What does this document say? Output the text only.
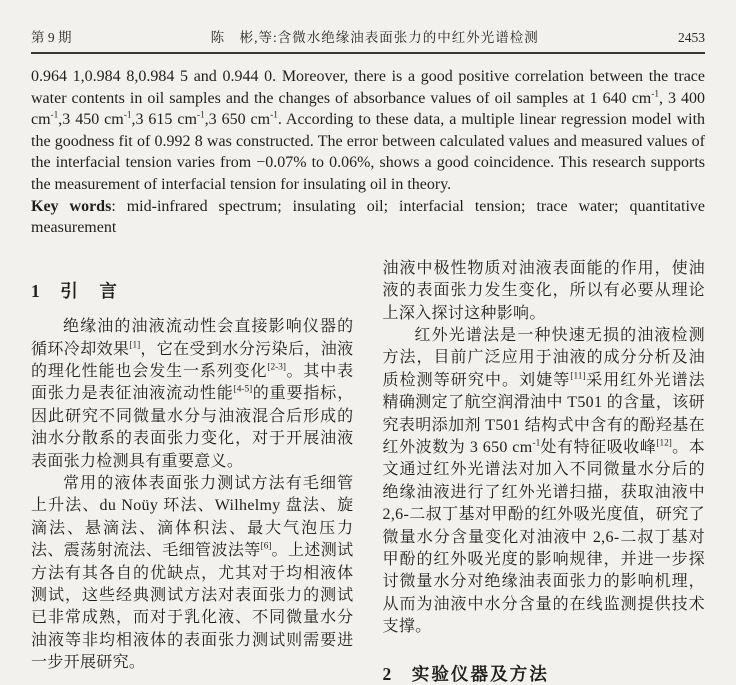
第 9 期	陈　彬,等:含微水绝缘油表面张力的中红外光谱检测	2453

0.964 1,0.984 8,0.984 5 and 0.944 0. Moreover, there is a good positive correlation between the trace water contents in oil samples and the changes of absorbance values of oil samples at 1 640 $cm^{-1}$, 3 400 $cm^{-1},3$ 450 $cm^{-1},3$ 615 $cm^{-1},3$ 650 $cm^{-1}$. According to these data, a multiple linear regression model with the goodness fit of 0.992 8 was constructed. The error between calculated values and measured values of the interfacial tension varies from −0.07% to 0.06%, shows a good coincidence. This research supports the measurement of interfacial tension for insulating oil in theory.

Key words: mid-infrared spectrum; insulating oil; interfacial tension; trace water; quantitative measurement

1 引　言

绝缘油的油液流动性会直接影响仪器的循环冷却效果[1]，它在受到水分污染后，油液的理化性能也会发生一系列变化[2-3]。其中表面张力是表征油液流动性能[4-5]的重要指标，因此研究不同微量水分与油液混合后形成的油水分散系的表面张力变化，对于开展油液表面张力检测具有重要意义。

常用的液体表面张力测试方法有毛细管上升法、du Noüy 环法、Wilhelmy 盘法、旋滴法、悬滴法、滴体积法、最大气泡压力法、震荡射流法、毛细管波法等[6]。上述测试方法有其各自的优缺点，尤其对于均相液体测试，这些经典测试方法对表面张力的测试已非常成熟，而对于乳化液、不同微量水分油液等非均相液体的表面张力测试则需要进一步开展研究。

油液中极性物质对油液表面能的作用，使油液的表面张力发生变化，所以有必要从理论上深入探讨这种影响。

红外光谱法是一种快速无损的油液检测方法，目前广泛应用于油液的成分分析及油质检测等研究中。刘婕等[11]采用红外光谱法精确测定了航空润滑油中 T501 的含量，该研究表明添加剂 T501 结构式中含有的酚羟基在红外波数为 3 650 $cm^{-1}$处有特征吸收峰[12]。本文通过红外光谱法对加入不同微量水分后的绝缘油液进行了红外光谱扫描，获取油液中 2,6-二叔丁基对甲酚的红外吸光度值，研究了微量水分含量变化对油液中 2,6-二叔丁基对甲酚的红外吸光度的影响规律，并进一步探讨微量水分对绝缘油表面张力的影响机理，从而为油液中水分含量的在线监测提供技术支撑。

2 实验仪器及方法
